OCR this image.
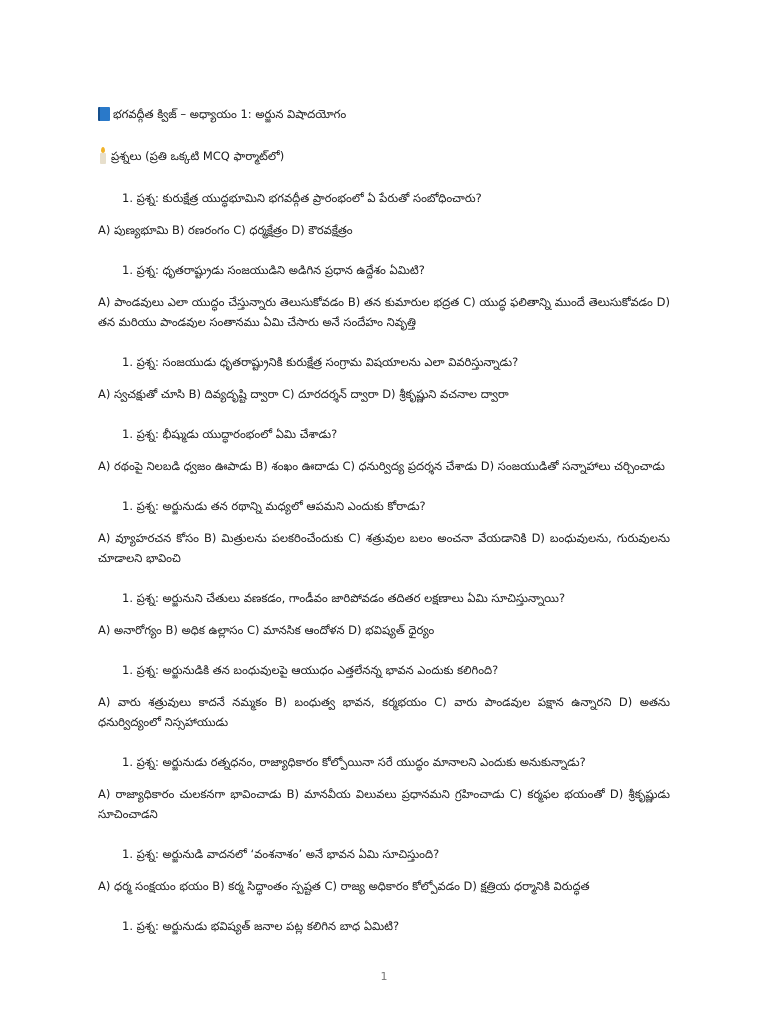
భగవద్గీత క్విజ్ – అధ్యాయం 1: అర్జున విషాదయోగం
ప్రశ్నలు (ప్రతి ఒక్కటి MCQ ఫార్మాట్‌లో)

1. ప్రశ్న: కురుక్షేత్ర యుద్ధభూమిని భగవద్గీత ప్రారంభంలో ఏ పేరుతో సంబోధించారు?

A) పుణ్యభూమి B) రణరంగం C) ధర్మక్షేత్రం D) కౌరవక్షేత్రం

1. ప్రశ్న: ధృతరాష్ట్రుడు సంజయుడిని అడిగిన ప్రధాన ఉద్దేశం ఏమిటి?

A) పాండవులు ఎలా యుద్ధం చేస్తున్నారు తెలుసుకోవడం B) తన కుమారుల భద్రత C) యుద్ధ ఫలితాన్ని ముందే తెలుసుకోవడం D) తన మరియు పాండవుల సంతానము ఏమి చేసారు అనే సందేహం నివృత్తి

1. ప్రశ్న: సంజయుడు ధృతరాష్ట్రునికి కురుక్షేత్ర సంగ్రామ విషయాలను ఎలా వివరిస్తున్నాడు?

A) స్వచక్షుతో చూసి B) దివ్యదృష్టి ద్వారా C) దూరదర్శన్ ద్వారా D) శ్రీకృష్ణుని వచనాల ద్వారా

1. ప్రశ్న: భీష్ముడు యుద్ధారంభంలో ఏమి చేశాడు?

A) రథంపై నిలబడి ధ్వజం ఊపాడు B) శంఖం ఊదాడు C) ధనుర్విద్య ప్రదర్శన చేశాడు D) సంజయుడితో సన్నాహాలు చర్చించాడు

1. ప్రశ్న: అర్జునుడు తన రథాన్ని మధ్యలో ఆపమని ఎందుకు కోరాడు?

A) వ్యూహరచన కోసం B) మిత్రులను పలకరించేందుకు C) శత్రువుల బలం అంచనా వేయడానికి D) బంధువులను, గురువులను చూడాలని భావించి

1. ప్రశ్న: అర్జునుని చేతులు వణకడం, గాండీవం జారిపోవడం తదితర లక్షణాలు ఏమి సూచిస్తున్నాయి?

A) అనారోగ్యం B) అధిక ఉల్లాసం C) మానసిక ఆందోళన D) భవిష్యత్ ధైర్యం

1. ప్రశ్న: అర్జునుడికి తన బంధువులపై ఆయుధం ఎత్తలేనన్న భావన ఎందుకు కలిగింది?

A) వారు శత్రువులు కాదనే నమ్మకం B) బంధుత్వ భావన, కర్మభయం C) వారు పాండవుల పక్షాన ఉన్నారని D) అతను ధనుర్విద్యంలో నిస్సహాయుడు

1. ప్రశ్న: అర్జునుడు రత్నధనం, రాజ్యాధికారం కోల్పోయినా సరే యుద్ధం మానాలని ఎందుకు అనుకున్నాడు?

A) రాజ్యాధికారం చులకనగా భావించాడు B) మానవీయ విలువలు ప్రధానమని గ్రహించాడు C) కర్మఫల భయంతో D) శ్రీకృష్ణుడు సూచించాడని

1. ప్రశ్న: అర్జునుడి వాదనలో ‘వంశనాశం’ అనే భావన ఏమి సూచిస్తుంది?

A) ధర్మ సంక్షయం భయం B) కర్మ సిద్ధాంతం స్పష్టత C) రాజ్య అధికారం కోల్పోవడం D) క్షత్రియ ధర్మానికి విరుద్ధత

1. ప్రశ్న: అర్జునుడు భవిష్యత్ జనాల పట్ల కలిగిన బాధ ఏమిటి?

1
